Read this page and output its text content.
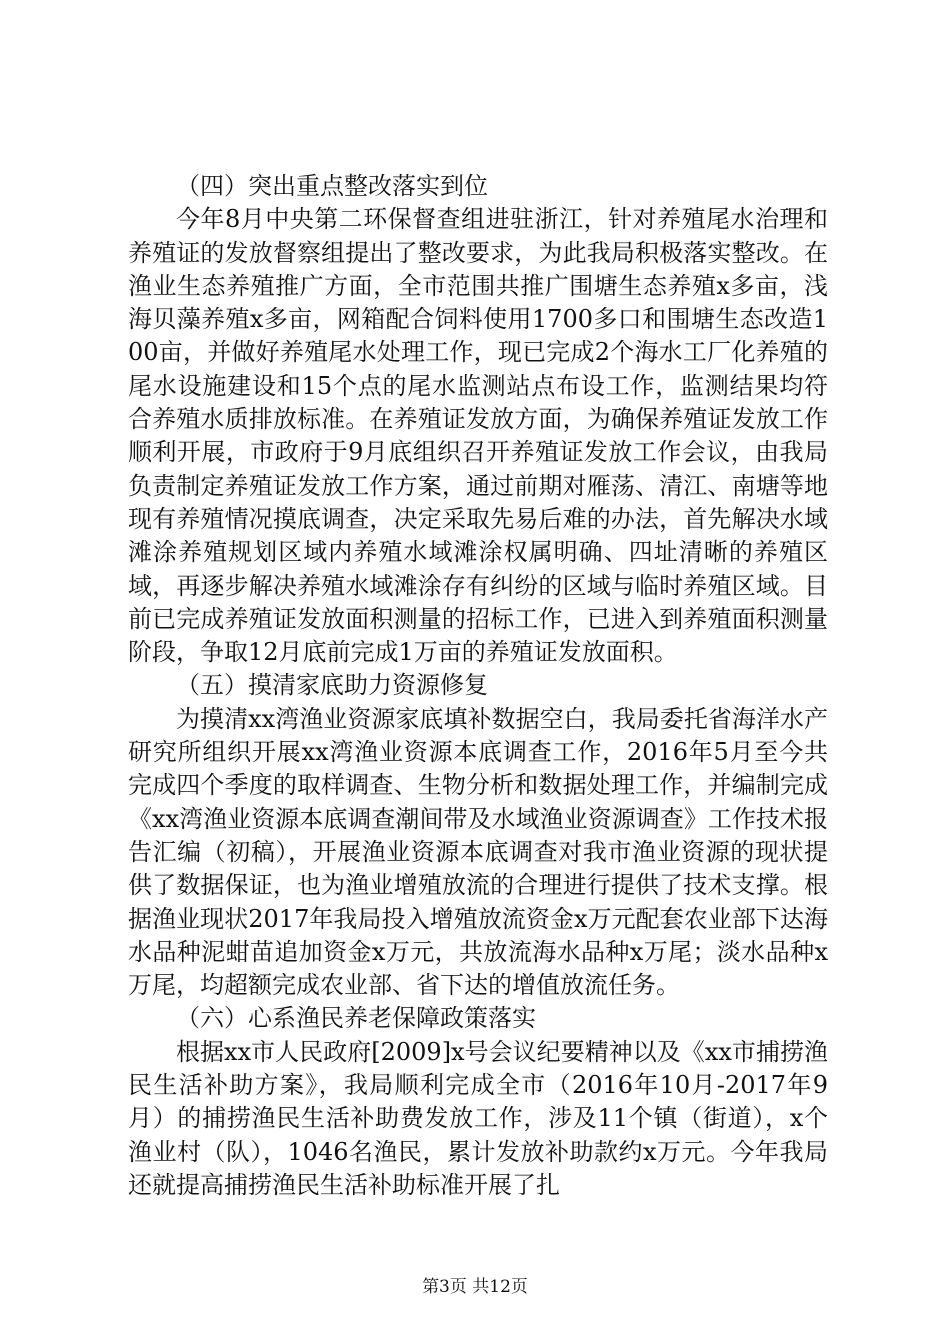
（四）突出重点整改落实到位

今年8月中央第二环保督查组进驻浙江，针对养殖尾水治理和养殖证的发放督察组提出了整改要求，为此我局积极落实整改。在渔业生态养殖推广方面，全市范围共推广围塘生态养殖x多亩，浅海贝藻养殖x多亩，网箱配合饲料使用1700多口和围塘生态改造100亩，并做好养殖尾水处理工作，现已完成2个海水工厂化养殖的尾水设施建设和15个点的尾水监测站点布设工作，监测结果均符合养殖水质排放标准。在养殖证发放方面，为确保养殖证发放工作顺利开展，市政府于9月底组织召开养殖证发放工作会议，由我局负责制定养殖证发放工作方案，通过前期对雁荡、清江、南塘等地现有养殖情况摸底调查，决定采取先易后难的办法，首先解决水域滩涂养殖规划区域内养殖水域滩涂权属明确、四址清晰的养殖区域，再逐步解决养殖水域滩涂存有纠纷的区域与临时养殖区域。目前已完成养殖证发放面积测量的招标工作，已进入到养殖面积测量阶段，争取12月底前完成1万亩的养殖证发放面积。

（五）摸清家底助力资源修复

为摸清xx湾渔业资源家底填补数据空白，我局委托省海洋水产研究所组织开展xx湾渔业资源本底调查工作，2016年5月至今共完成四个季度的取样调查、生物分析和数据处理工作，并编制完成《xx湾渔业资源本底调查潮间带及水域渔业资源调查》工作技术报告汇编（初稿），开展渔业资源本底调查对我市渔业资源的现状提供了数据保证，也为渔业增殖放流的合理进行提供了技术支撑。根据渔业现状2017年我局投入增殖放流资金x万元配套农业部下达海水品种泥蚶苗追加资金x万元，共放流海水品种x万尾；淡水品种x万尾，均超额完成农业部、省下达的增值放流任务。

（六）心系渔民养老保障政策落实

根据xx市人民政府[2009]x号会议纪要精神以及《xx市捕捞渔民生活补助方案》，我局顺利完成全市（2016年10月-2017年9月）的捕捞渔民生活补助费发放工作，涉及11个镇（街道），x个渔业村（队），1046名渔民，累计发放补助款约x万元。今年我局还就提高捕捞渔民生活补助标准开展了扎

第3页 共12页
